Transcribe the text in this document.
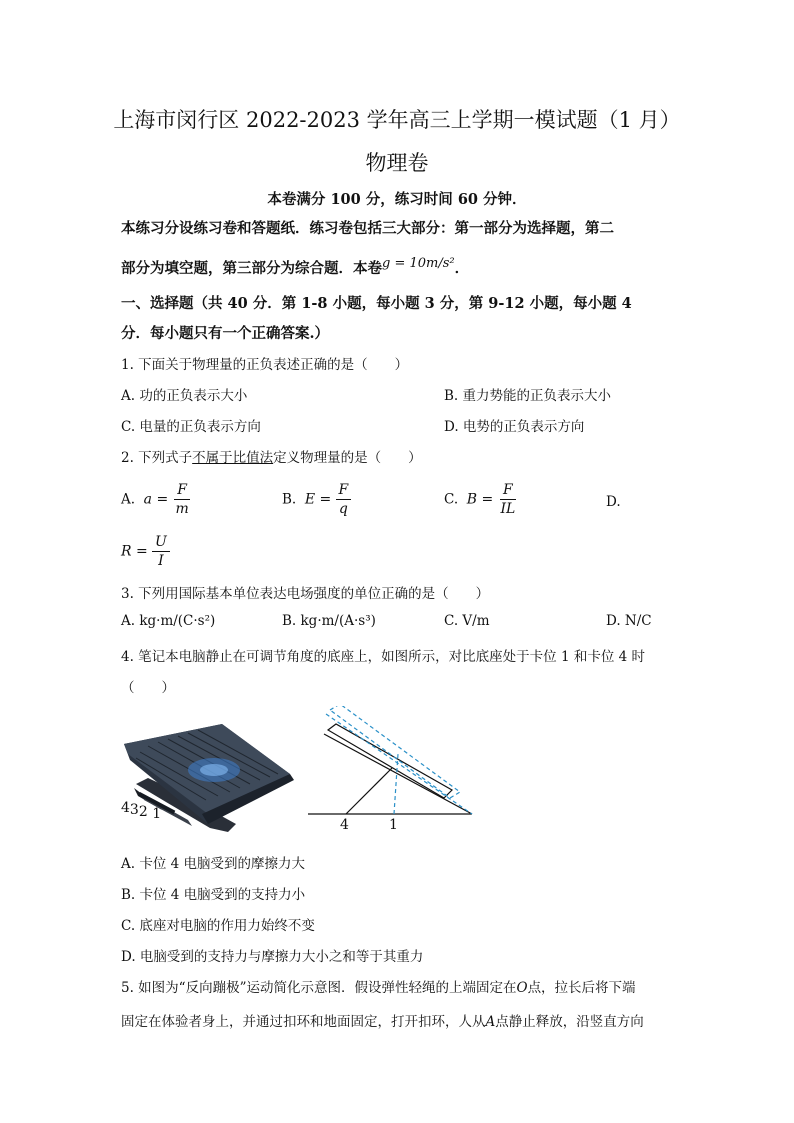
上海市闵行区 2022-2023 学年高三上学期一模试题（1 月）
物理卷
本卷满分 100 分，练习时间 60 分钟．
本练习分设练习卷和答题纸．练习卷包括三大部分：第一部分为选择题，第二
部分为填空题，第三部分为综合题．本卷g = 10m/s²．
一、选择题（共 40 分．第 1-8 小题，每小题 3 分，第 9-12 小题，每小题 4
分．每小题只有一个正确答案.）
1. 下面关于物理量的正负表述正确的是（　　）
A. 功的正负表示大小	B. 重力势能的正负表示大小
C. 电量的正负表示方向	D. 电势的正负表示方向
2. 下列式子不属于比值法定义物理量的是（　　）
A. $a = \frac{F}{m}$	B. $E = \frac{F}{q}$	C. $B = \frac{F}{IL}$	D.
$R = \frac{U}{I}$
3. 下列用国际基本单位表达电场强度的单位正确的是（　　）
A. kg·m/(C·s²)	B. kg·m/(A·s³)	C. V/m	D. N/C
4. 笔记本电脑静止在可调节角度的底座上，如图所示，对比底座处于卡位 1 和卡位 4 时
（　　）
432 1
4	1
A. 卡位 4 电脑受到的摩擦力大
B. 卡位 4 电脑受到的支持力小
C. 底座对电脑的作用力始终不变
D. 电脑受到的支持力与摩擦力大小之和等于其重力
5. 如图为“反向蹦极”运动简化示意图．假设弹性轻绳的上端固定在O点，拉长后将下端
固定在体验者身上，并通过扣环和地面固定，打开扣环，人从A点静止释放，沿竖直方向
